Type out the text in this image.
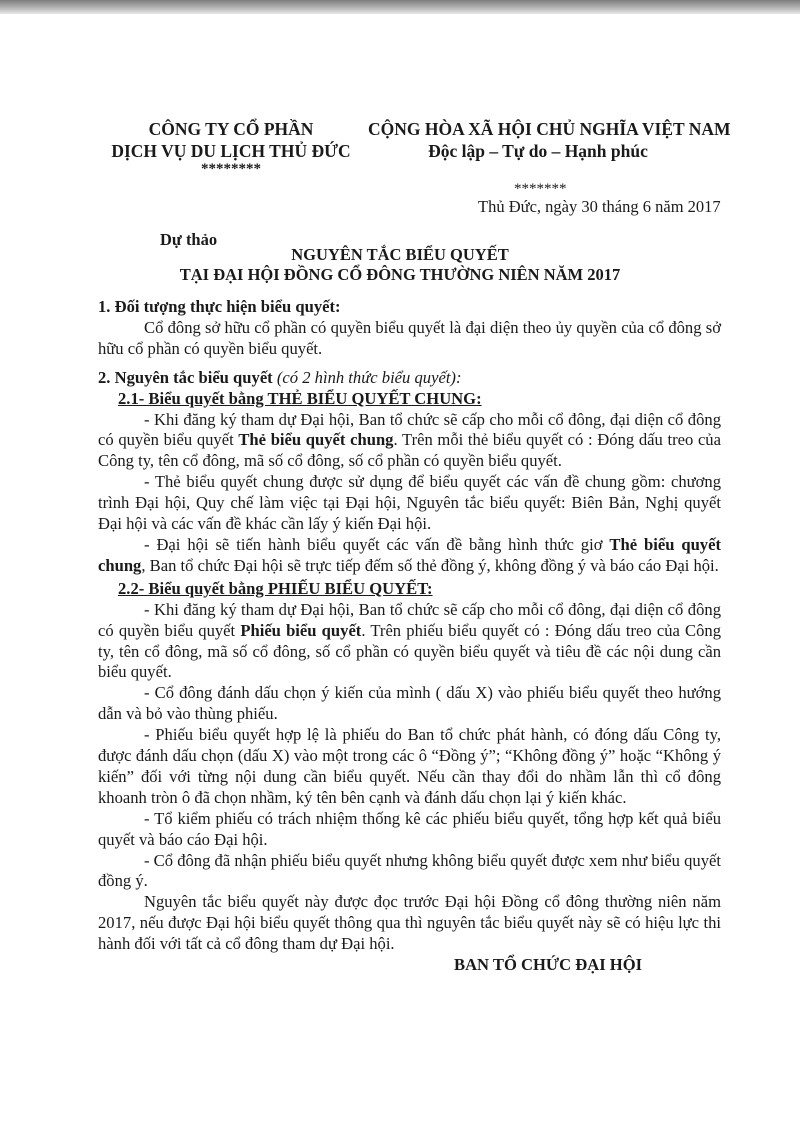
CÔNG TY CỔ PHẦN
DỊCH VỤ DU LỊCH THỦ ĐỨC
********
CỘNG HÒA XÃ HỘI CHỦ NGHĨA VIỆT NAM
Độc lập – Tự do – Hạnh phúc
*******
Thủ Đức, ngày 30 tháng 6 năm 2017
Dự thảo
NGUYÊN TẮC BIỂU QUYẾT
TẠI ĐẠI HỘI ĐỒNG CỔ ĐÔNG THƯỜNG NIÊN NĂM 2017

1. Đối tượng thực hiện biểu quyết:

Cổ đông sở hữu cổ phần có quyền biểu quyết là đại diện theo ủy quyền của cổ đông sở hữu cổ phần có quyền biểu quyết.

2. Nguyên tắc biểu quyết (có 2 hình thức biểu quyết):

2.1- Biểu quyết bằng THẺ BIỂU QUYẾT CHUNG:

- Khi đăng ký tham dự Đại hội, Ban tổ chức sẽ cấp cho mỗi cổ đông, đại diện cổ đông có quyền biểu quyết Thẻ biểu quyết chung. Trên mỗi thẻ biểu quyết có : Đóng dấu treo của Công ty, tên cổ đông, mã số cổ đông, số cổ phần có quyền biểu quyết.

- Thẻ biểu quyết chung được sử dụng để biểu quyết các vấn đề chung gồm: chương trình Đại hội, Quy chế làm việc tại Đại hội, Nguyên tắc biểu quyết: Biên Bản, Nghị quyết Đại hội và các vấn đề khác cần lấy ý kiến Đại hội.

- Đại hội sẽ tiến hành biểu quyết các vấn đề bằng hình thức giơ Thẻ biểu quyết chung, Ban tổ chức Đại hội sẽ trực tiếp đếm số thẻ đồng ý, không đồng ý và báo cáo Đại hội.

2.2- Biểu quyết bằng PHIẾU BIỂU QUYẾT:

- Khi đăng ký tham dự Đại hội, Ban tổ chức sẽ cấp cho mỗi cổ đông, đại diện cổ đông có quyền biểu quyết Phiếu biểu quyết. Trên phiếu biểu quyết có : Đóng dấu treo của Công ty, tên cổ đông, mã số cổ đông, số cổ phần có quyền biểu quyết và tiêu đề các nội dung cần biểu quyết.

- Cổ đông đánh dấu chọn ý kiến của mình ( dấu X) vào phiếu biểu quyết theo hướng dẫn và bỏ vào thùng phiếu.

- Phiếu biểu quyết hợp lệ là phiếu do Ban tổ chức phát hành, có đóng dấu Công ty, được đánh dấu chọn (dấu X) vào một trong các ô “Đồng ý”; “Không đồng ý” hoặc “Không ý kiến” đối với từng nội dung cần biểu quyết. Nếu cần thay đổi do nhầm lẫn thì cổ đông khoanh tròn ô đã chọn nhầm, ký tên bên cạnh và đánh dấu chọn lại ý kiến khác.

- Tổ kiểm phiếu có trách nhiệm thống kê các phiếu biểu quyết, tổng hợp kết quả biểu quyết và báo cáo Đại hội.

- Cổ đông đã nhận phiếu biểu quyết nhưng không biểu quyết được xem như biểu quyết đồng ý.

Nguyên tắc biểu quyết này được đọc trước Đại hội Đồng cổ đông thường niên năm 2017, nếu được Đại hội biểu quyết thông qua thì nguyên tắc biểu quyết này sẽ có hiệu lực thi hành đối với tất cả cổ đông tham dự Đại hội.

BAN TỔ CHỨC ĐẠI HỘI
